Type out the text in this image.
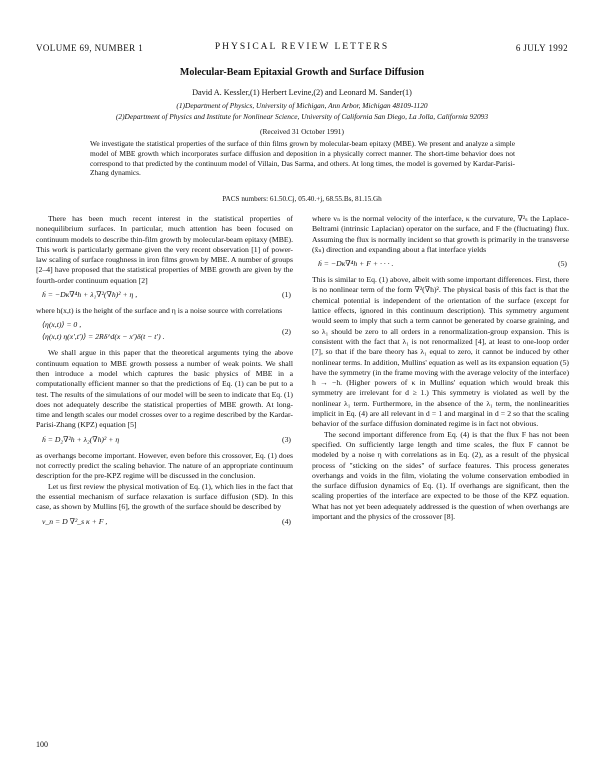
VOLUME 69, NUMBER 1	PHYSICAL REVIEW LETTERS	6 JULY 1992
Molecular-Beam Epitaxial Growth and Surface Diffusion
David A. Kessler,(1) Herbert Levine,(2) and Leonard M. Sander(1)
(1)Department of Physics, University of Michigan, Ann Arbor, Michigan 48109-1120
(2)Department of Physics and Institute for Nonlinear Science, University of California San Diego, La Jolla, California 92093
(Received 31 October 1991)
We investigate the statistical properties of the surface of thin films grown by molecular-beam epitaxy (MBE). We present and analyze a simple model of MBE growth which incorporates surface diffusion and deposition in a physically correct manner. The short-time behavior does not correspond to that predicted by the continuum model of Villain, Das Sarma, and others. At long times, the model is governed by Kardar-Parisi-Zhang dynamics.
PACS numbers: 61.50.Cj, 05.40.+j, 68.55.Bs, 81.15.Gh

There has been much recent interest in the statistical properties of nonequilibrium surfaces. In particular, much attention has been focused on continuum models to describe thin-film growth by molecular-beam epitaxy (MBE). This work is particularly germane given the very recent observation [1] of power-law scaling of surface roughness in iron films grown by MBE. A number of groups [2–4] have proposed that the statistical properties of MBE growth are given by the fourth-order continuum equation [2]

ḣ = −Dκ∇⁴h + λ₁∇²(∇h)² + η ,	(1)

where h(x,t) is the height of the surface and η is a noise source with correlations

⟨η(x,t)⟩ = 0 ,
⟨η(x,t) η(x′,t′)⟩ = 2Rδ^d(x − x′)δ(t − t′) .
(2)

We shall argue in this paper that the theoretical arguments tying the above continuum equation to MBE growth possess a number of weak points. We shall then introduce a model which captures the basic physics of MBE in a computationally efficient manner so that the predictions of Eq. (1) can be put to a test. The results of the simulations of our model will be seen to indicate that Eq. (1) does not adequately describe the statistical properties of MBE growth. At long-time and length scales our model crosses over to a regime described by the Kardar-Parisi-Zhang (KPZ) equation [5]

ḣ = D₂∇²h + λ₂(∇h)² + η	(3)

as overhangs become important. However, even before this crossover, Eq. (1) does not correctly predict the scaling behavior. The nature of an appropriate continuum description for the pre-KPZ regime will be discussed in the conclusion.

Let us first review the physical motivation of Eq. (1), which lies in the fact that the essential mechanism of surface relaxation is surface diffusion (SD). In this case, as shown by Mullins [6], the growth of the surface should be described by

v_n = D ∇²_s κ + F ,	(4)

where vₙ is the normal velocity of the interface, κ the curvature, ∇²ₛ the Laplace-Beltrami (intrinsic Laplacian) operator on the surface, and F the (fluctuating) flux. Assuming the flux is normally incident so that growth is primarily in the transverse (x̂ₙ) direction and expanding about a flat interface yields

ḣ = −Dκ∇⁴h + F + · · · .	(5)

This is similar to Eq. (1) above, albeit with some important differences. First, there is no nonlinear term of the form ∇²(∇h)². The physical basis of this fact is that the chemical potential is independent of the orientation of the surface (except for lattice effects, ignored in this continuum description). This symmetry argument would seem to imply that such a term cannot be generated by coarse graining, and so λ₁ should be zero to all orders in a renormalization-group expansion. This is consistent with the fact that λ₁ is not renormalized [4], at least to one-loop order [7], so that if the bare theory has λ₁ equal to zero, it cannot be induced by other nonlinear terms. In addition, Mullins' equation as well as its expansion equation (5) have the symmetry (in the frame moving with the average velocity of the interface) h → −h. (Higher powers of κ in Mullins' equation which would break this symmetry are irrelevant for d ≥ 1.) This symmetry is violated as well by the nonlinear λ₁ term. Furthermore, in the absence of the λ₁ term, the nonlinearities implicit in Eq. (4) are all relevant in d = 1 and marginal in d = 2 so that the scaling behavior of the surface diffusion dominated regime is in fact not obvious.

The second important difference from Eq. (4) is that the flux F has not been specified. On sufficiently large length and time scales, the flux F cannot be modeled by a noise η with correlations as in Eq. (2), as a result of the physical process of "sticking on the sides" of surface features. This process generates overhangs and voids in the film, violating the volume conservation embodied in the surface diffusion dynamics of Eq. (1). If overhangs are significant, then the scaling properties of the interface are expected to be those of the KPZ equation. What has not yet been adequately addressed is the question of when overhangs are important and the physics of the crossover [8].

100
